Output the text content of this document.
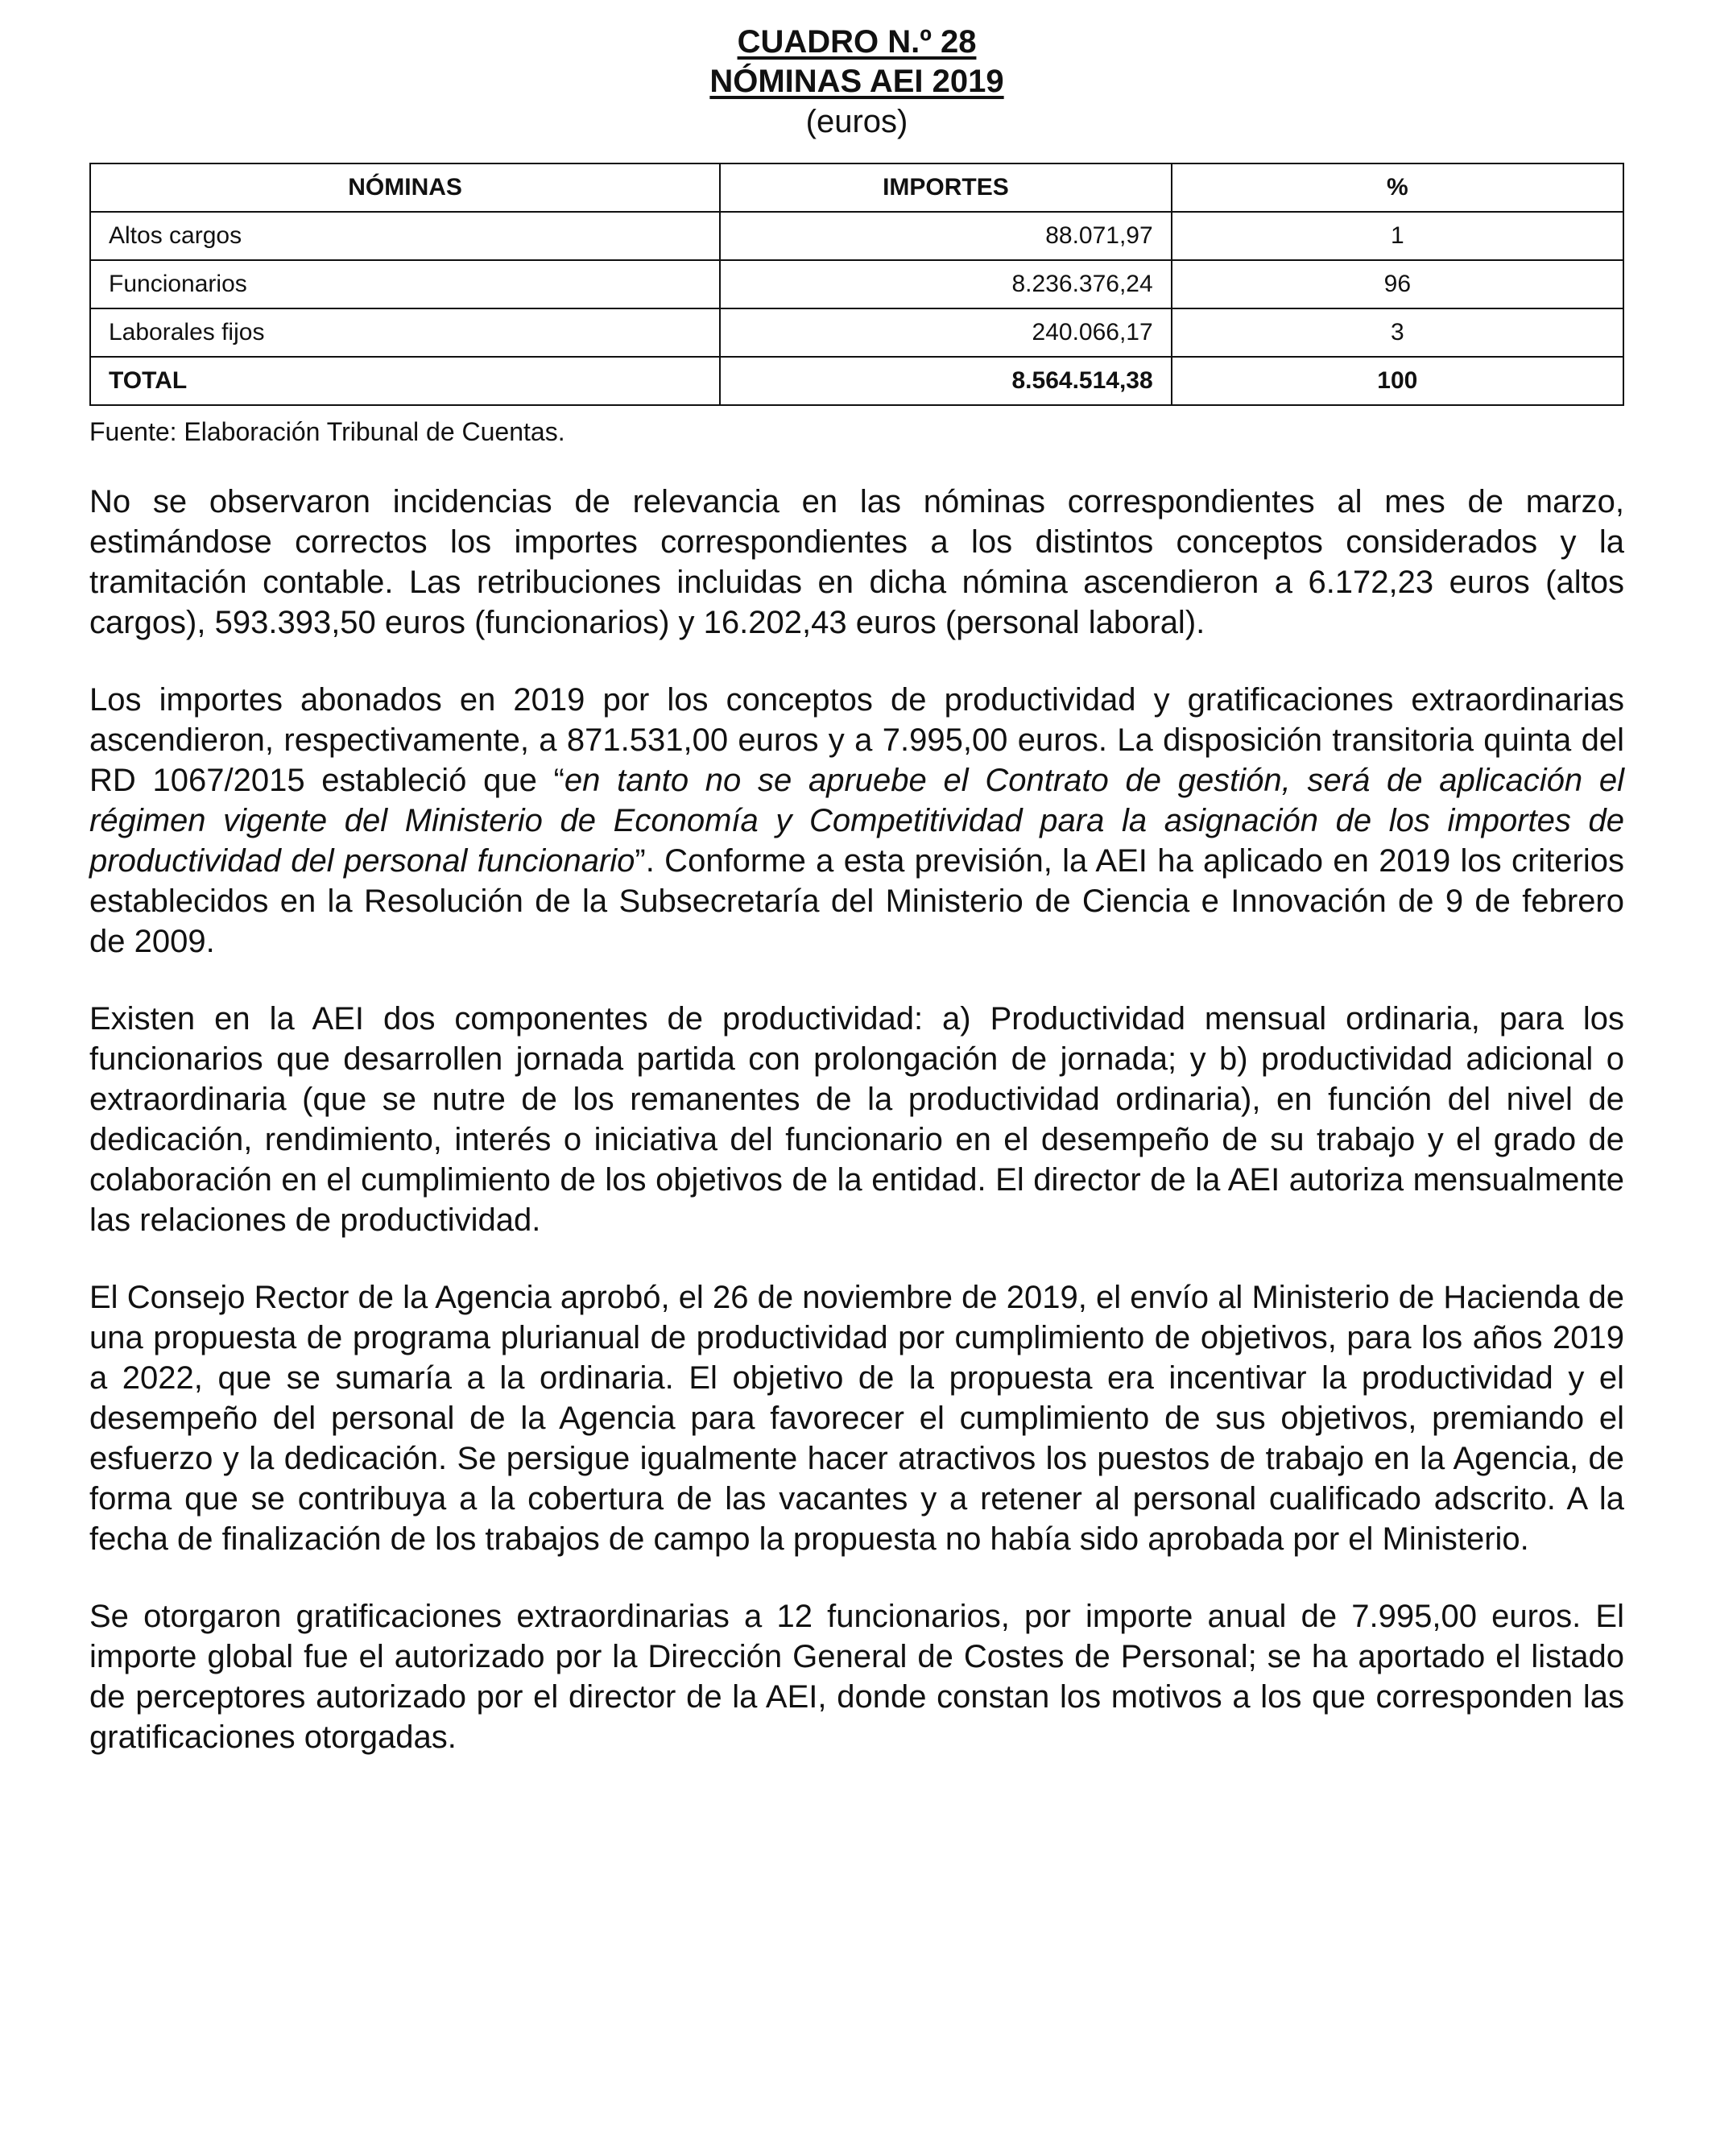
CUADRO N.º 28
NÓMINAS AEI 2019
(euros)
NÓMINAS	IMPORTES	%
Altos cargos	88.071,97	1
Funcionarios	8.236.376,24	96
Laborales fijos	240.066,17	3
TOTAL	8.564.514,38	100
Fuente: Elaboración Tribunal de Cuentas.

No se observaron incidencias de relevancia en las nóminas correspondientes al mes de marzo, estimándose correctos los importes correspondientes a los distintos conceptos considerados y la tramitación contable. Las retribuciones incluidas en dicha nómina ascendieron a 6.172,23 euros (altos cargos), 593.393,50 euros (funcionarios) y 16.202,43 euros (personal laboral).

Los importes abonados en 2019 por los conceptos de productividad y gratificaciones extraordinarias ascendieron, respectivamente, a 871.531,00 euros y a 7.995,00 euros. La disposición transitoria quinta del RD 1067/2015 estableció que “en tanto no se apruebe el Contrato de gestión, será de aplicación el régimen vigente del Ministerio de Economía y Competitividad para la asignación de los importes de productividad del personal funcionario”. Conforme a esta previsión, la AEI ha aplicado en 2019 los criterios establecidos en la Resolución de la Subsecretaría del Ministerio de Ciencia e Innovación de 9 de febrero de 2009.

Existen en la AEI dos componentes de productividad: a) Productividad mensual ordinaria, para los funcionarios que desarrollen jornada partida con prolongación de jornada; y b) productividad adicional o extraordinaria (que se nutre de los remanentes de la productividad ordinaria), en función del nivel de dedicación, rendimiento, interés o iniciativa del funcionario en el desempeño de su trabajo y el grado de colaboración en el cumplimiento de los objetivos de la entidad. El director de la AEI autoriza mensualmente las relaciones de productividad.

El Consejo Rector de la Agencia aprobó, el 26 de noviembre de 2019, el envío al Ministerio de Hacienda de una propuesta de programa plurianual de productividad por cumplimiento de objetivos, para los años 2019 a 2022, que se sumaría a la ordinaria. El objetivo de la propuesta era incentivar la productividad y el desempeño del personal de la Agencia para favorecer el cumplimiento de sus objetivos, premiando el esfuerzo y la dedicación. Se persigue igualmente hacer atractivos los puestos de trabajo en la Agencia, de forma que se contribuya a la cobertura de las vacantes y a retener al personal cualificado adscrito. A la fecha de finalización de los trabajos de campo la propuesta no había sido aprobada por el Ministerio.

Se otorgaron gratificaciones extraordinarias a 12 funcionarios, por importe anual de 7.995,00 euros. El importe global fue el autorizado por la Dirección General de Costes de Personal; se ha aportado el listado de perceptores autorizado por el director de la AEI, donde constan los motivos a los que corresponden las gratificaciones otorgadas.
